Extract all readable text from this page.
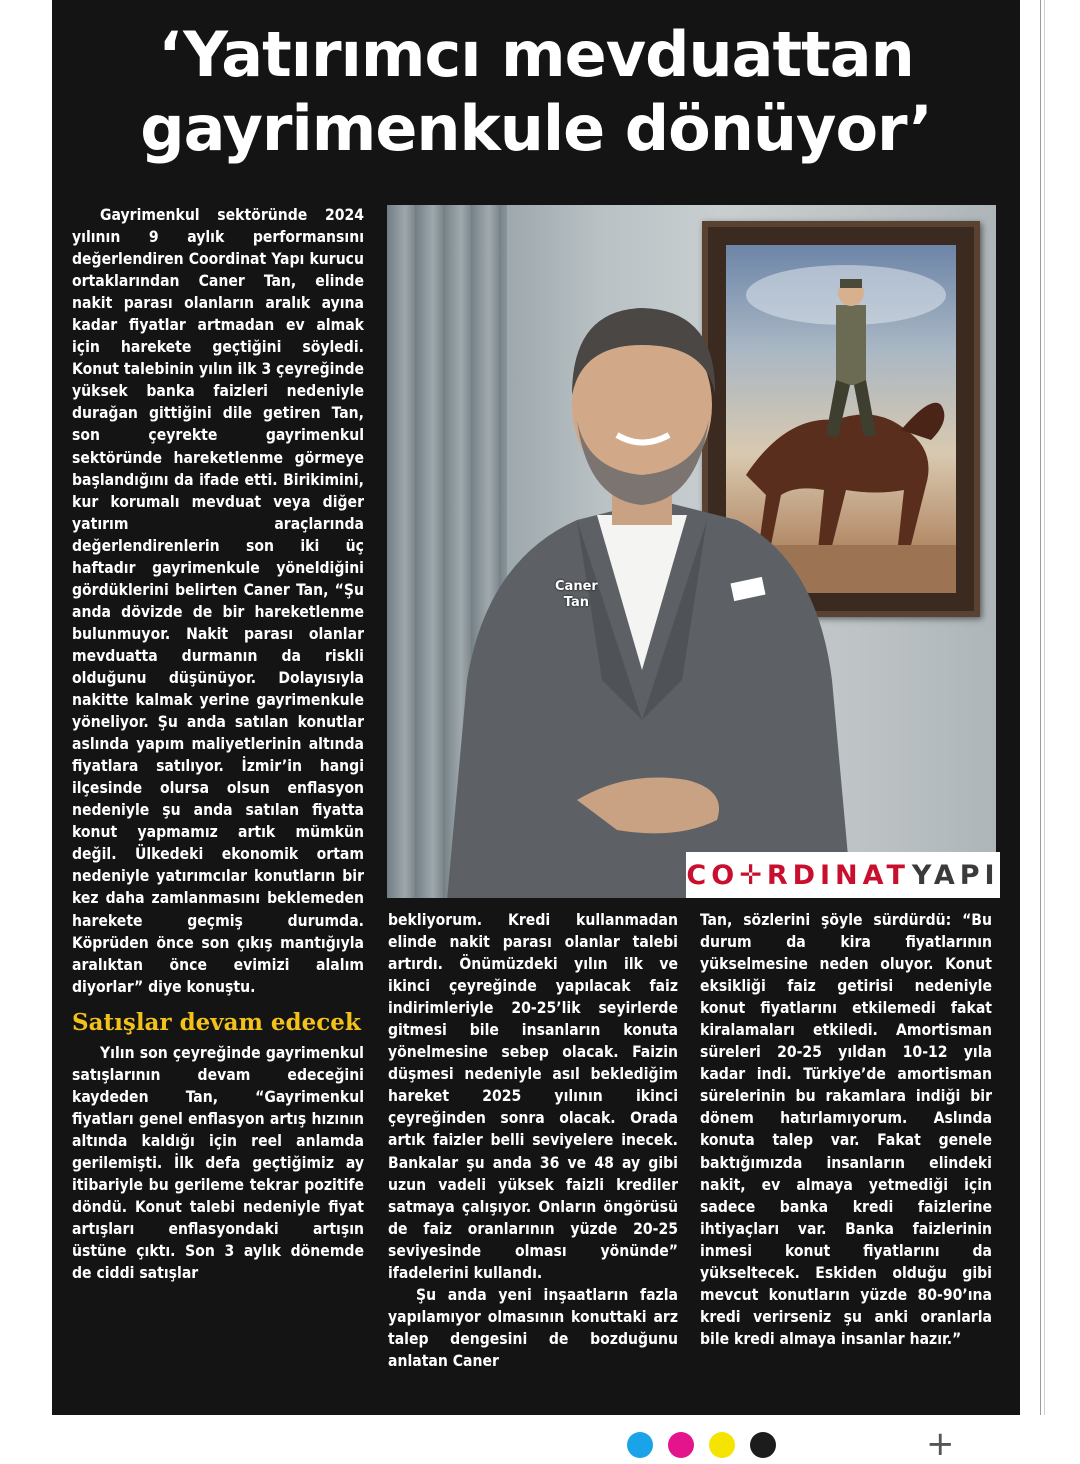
‘Yatırımcı mevduattan
gayrimenkule dönüyor’

Gayrimenkul sektöründe 2024 yılının 9 aylık performansını değerlendiren Coordinat Yapı kurucu ortaklarından Caner Tan, elinde nakit parası olanların aralık ayına kadar fiyatlar artmadan ev almak için harekete geçtiğini söyledi. Konut talebinin yılın ilk 3 çeyreğinde yüksek banka faizleri nedeniyle durağan gittiğini dile getiren Tan, son çeyrekte gayrimenkul sektöründe hareketlenme görmeye başlandığını da ifade etti. Birikimini, kur korumalı mevduat veya diğer yatırım araçlarında değerlendirenlerin son iki üç haftadır gayrimenkule yöneldiğini gördüklerini belirten Caner Tan, “Şu anda dövizde de bir hareketlenme bulunmuyor. Nakit parası olanlar mevduatta durmanın da riskli olduğunu düşünüyor. Dolayısıyla nakitte kalmak yerine gayrimenkule yöneliyor. Şu anda satılan konutlar aslında yapım maliyetlerinin altında fiyatlara satılıyor. İzmir’in hangi ilçesinde olursa olsun enflasyon nedeniyle şu anda satılan fiyatta konut yapmamız artık mümkün değil. Ülkedeki ekonomik ortam nedeniyle yatırımcılar konutların bir kez daha zamlanmasını beklemeden harekete geçmiş durumda. Köprüden önce son çıkış mantığıyla aralıktan önce evimizi alalım diyorlar” diye konuştu.

Satışlar devam edecek

Yılın son çeyreğinde gayrimenkul satışlarının devam edeceğini kaydeden Tan, “Gayrimenkul fiyatları genel enflasyon artış hızının altında kaldığı için reel anlamda gerilemişti. İlk defa geçtiğimiz ay itibariyle bu gerileme tekrar pozitife döndü. Konut talebi nedeniyle fiyat artışları enflasyondaki artışın üstüne çıktı. Son 3 aylık dönemde de ciddi satışlar

Caner
Tan
CO✛RDINAT YAPI

bekliyorum. Kredi kullanmadan elinde nakit parası olanlar talebi artırdı. Önümüzdeki yılın ilk ve ikinci çeyreğinde yapılacak faiz indirimleriyle 20-25’lik seyirlerde gitmesi bile insanların konuta yönelmesine sebep olacak. Faizin düşmesi nedeniyle asıl beklediğim hareket 2025 yılının ikinci çeyreğinden sonra olacak. Orada artık faizler belli seviyelere inecek. Bankalar şu anda 36 ve 48 ay gibi uzun vadeli yüksek faizli krediler satmaya çalışıyor. Onların öngörüsü de faiz oranlarının yüzde 20-25 seviyesinde olması yönünde” ifadelerini kullandı.

Şu anda yeni inşaatların fazla yapılamıyor olmasının konuttaki arz talep dengesini de bozduğunu anlatan Caner

Tan, sözlerini şöyle sürdürdü: “Bu durum da kira fiyatlarının yükselmesine neden oluyor. Konut eksikliği faiz getirisi nedeniyle konut fiyatlarını etkilemedi fakat kiralamaları etkiledi. Amortisman süreleri 20-25 yıldan 10-12 yıla kadar indi. Türkiye’de amortisman sürelerinin bu rakamlara indiği bir dönem hatırlamıyorum. Aslında konuta talep var. Fakat genele baktığımızda insanların elindeki nakit, ev almaya yetmediği için sadece banka kredi faizlerine ihtiyaçları var. Banka faizlerinin inmesi konut fiyatlarını da yükseltecek. Eskiden olduğu gibi mevcut konutların yüzde 80-90’ına kredi verirseniz şu anki oranlarla bile kredi almaya insanlar hazır.”

+
